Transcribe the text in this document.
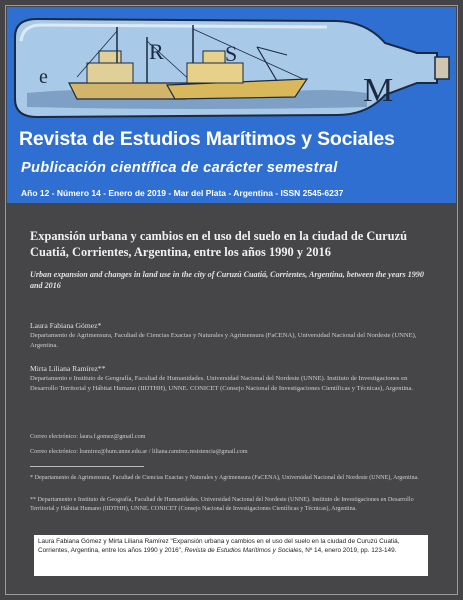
e
R	S
M
Revista de Estudios Marítimos y Sociales
Publicación científica de carácter semestral
Año 12 - Número 14 - Enero de 2019 - Mar del Plata - Argentina - ISSN 2545-6237
Expansión urbana y cambios en el uso del suelo en la ciudad de Curuzú Cuatiá, Corrientes, Argentina, entre los años 1990 y 2016
Urban expansion and changes in land use in the city of Curuzú Cuatiá, Corrientes, Argentina, between the years 1990 and 2016
Laura Fabiana Gómez*
Departamento de Agrimensura, Facultad de Ciencias Exactas y Naturales y Agrimensura (FaCENA), Universidad Nacional del Nordeste (UNNE), Argentina.
Mirta Liliana Ramírez**
Departamento e Instituto de Geografía, Facultad de Humanidades. Universidad Nacional del Nordeste (UNNE). Instituto de Investigaciones en Desarrollo Territorial y Hábitat Humano (IIDTHH), UNNE. CONICET (Consejo Nacional de Investigaciones Científicas y Técnicas), Argentina.
Correo electrónico: laura.f.gomez@gmail.com
Correo electrónico: lramirez@hum.unne.edu.ar / liliana.ramirez.resistencia@gmail.com
* Departamento de Agrimensura, Facultad de Ciencias Exactas y Naturales y Agrimensura (FaCENA), Universidad Nacional del Nordeste (UNNE), Argentina.
** Departamento e Instituto de Geografía, Facultad de Humanidades. Universidad Nacional del Nordeste (UNNE). Instituto de Investigaciones en Desarrollo Territorial y Hábitat Humano (IIDTHH), UNNE. CONICET (Consejo Nacional de Investigaciones Científicas y Técnicas), Argentina.
Laura Fabiana Gómez y Mirta Liliana Ramírez "Expansión urbana y cambios en el uso del suelo en la ciudad de Curuzú Cuatiá, Corrientes, Argentina, entre los años 1990 y 2016", Revista de Estudios Marítimos y Sociales, Nº 14, enero 2019, pp. 123-149.
